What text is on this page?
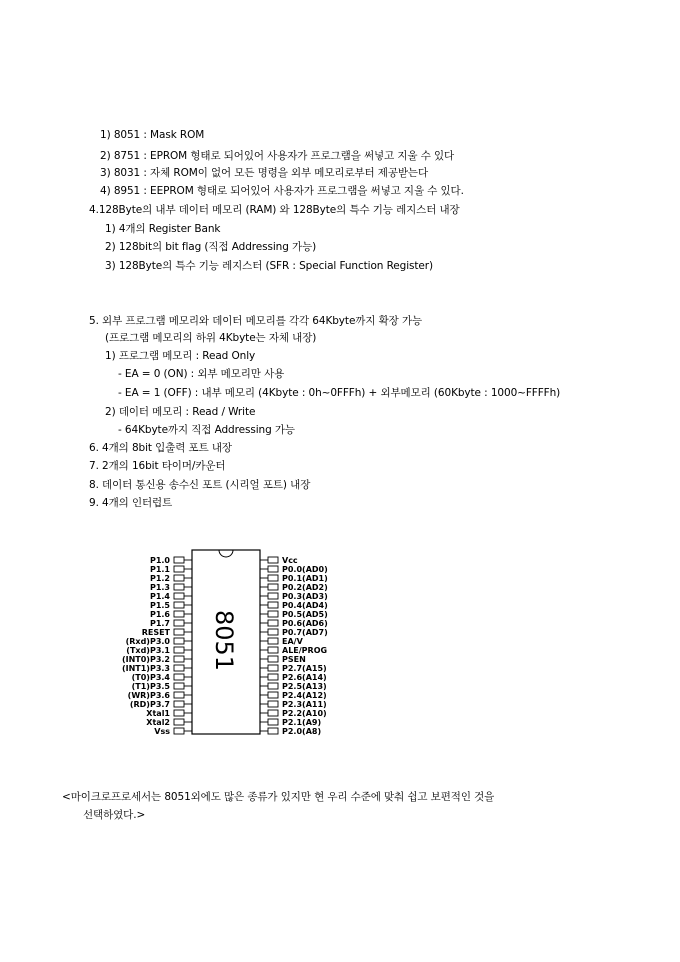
1) 8051 : Mask ROM
2) 8751 : EPROM 형태로 되어있어 사용자가 프로그램을 써넣고 지울 수 있다
3) 8031 : 자체 ROM이 없어 모든 명령을 외부 메모리로부터 제공받는다
4) 8951 : EEPROM 형태로 되어있어 사용자가 프로그램을 써넣고 지울 수 있다.
4.128Byte의 내부 데이터 메모리 (RAM) 와 128Byte의 특수 기능 레지스터 내장
1) 4개의 Register Bank
2) 128bit의 bit flag (직접 Addressing 가능)
3) 128Byte의 특수 기능 레지스터 (SFR : Special Function Register)
5. 외부 프로그램 메모리와 데이터 메모리를 각각 64Kbyte까지 확장 가능
(프로그램 메모리의 하위 4Kbyte는 자체 내장)
1) 프로그램 메모리 : Read Only
- EA = 0 (ON) : 외부 메모리만 사용
- EA = 1 (OFF) : 내부 메모리 (4Kbyte : 0h~0FFFh) + 외부메모리 (60Kbyte : 1000~FFFFh)
2) 데이터 메모리 : Read / Write
- 64Kbyte까지 직접 Addressing 가능
6. 4개의 8bit 입출력 포트 내장
7. 2개의 16bit 타이머/카운터
8. 데이터 통신용 송수신 포트 (시리얼 포트) 내장
9. 4개의 인터럽트
<마이크로프로세서는 8051외에도 많은 종류가 있지만 현 우리 수준에 맞춰 쉽고 보편적인 것을
선택하였다.>
P1.0
P1.1
P1.2
P1.3
P1.4
P1.5
P1.6
P1.7
RESET
(Rxd)P3.0
(Txd)P3.1
(INT0)P3.2
(INT1)P3.3
(T0)P3.4
(T1)P3.5
(WR)P3.6
(RD)P3.7
Xtal1
Xtal2
Vss
Vcc
P0.0(AD0)
P0.1(AD1)
P0.2(AD2)
P0.3(AD3)
P0.4(AD4)
P0.5(AD5)
P0.6(AD6)
P0.7(AD7)
EA/V
ALE/PROG
PSEN
P2.7(A15)
P2.6(A14)
P2.5(A13)
P2.4(A12)
P2.3(A11)
P2.2(A10)
P2.1(A9)
P2.0(A8)
8051
